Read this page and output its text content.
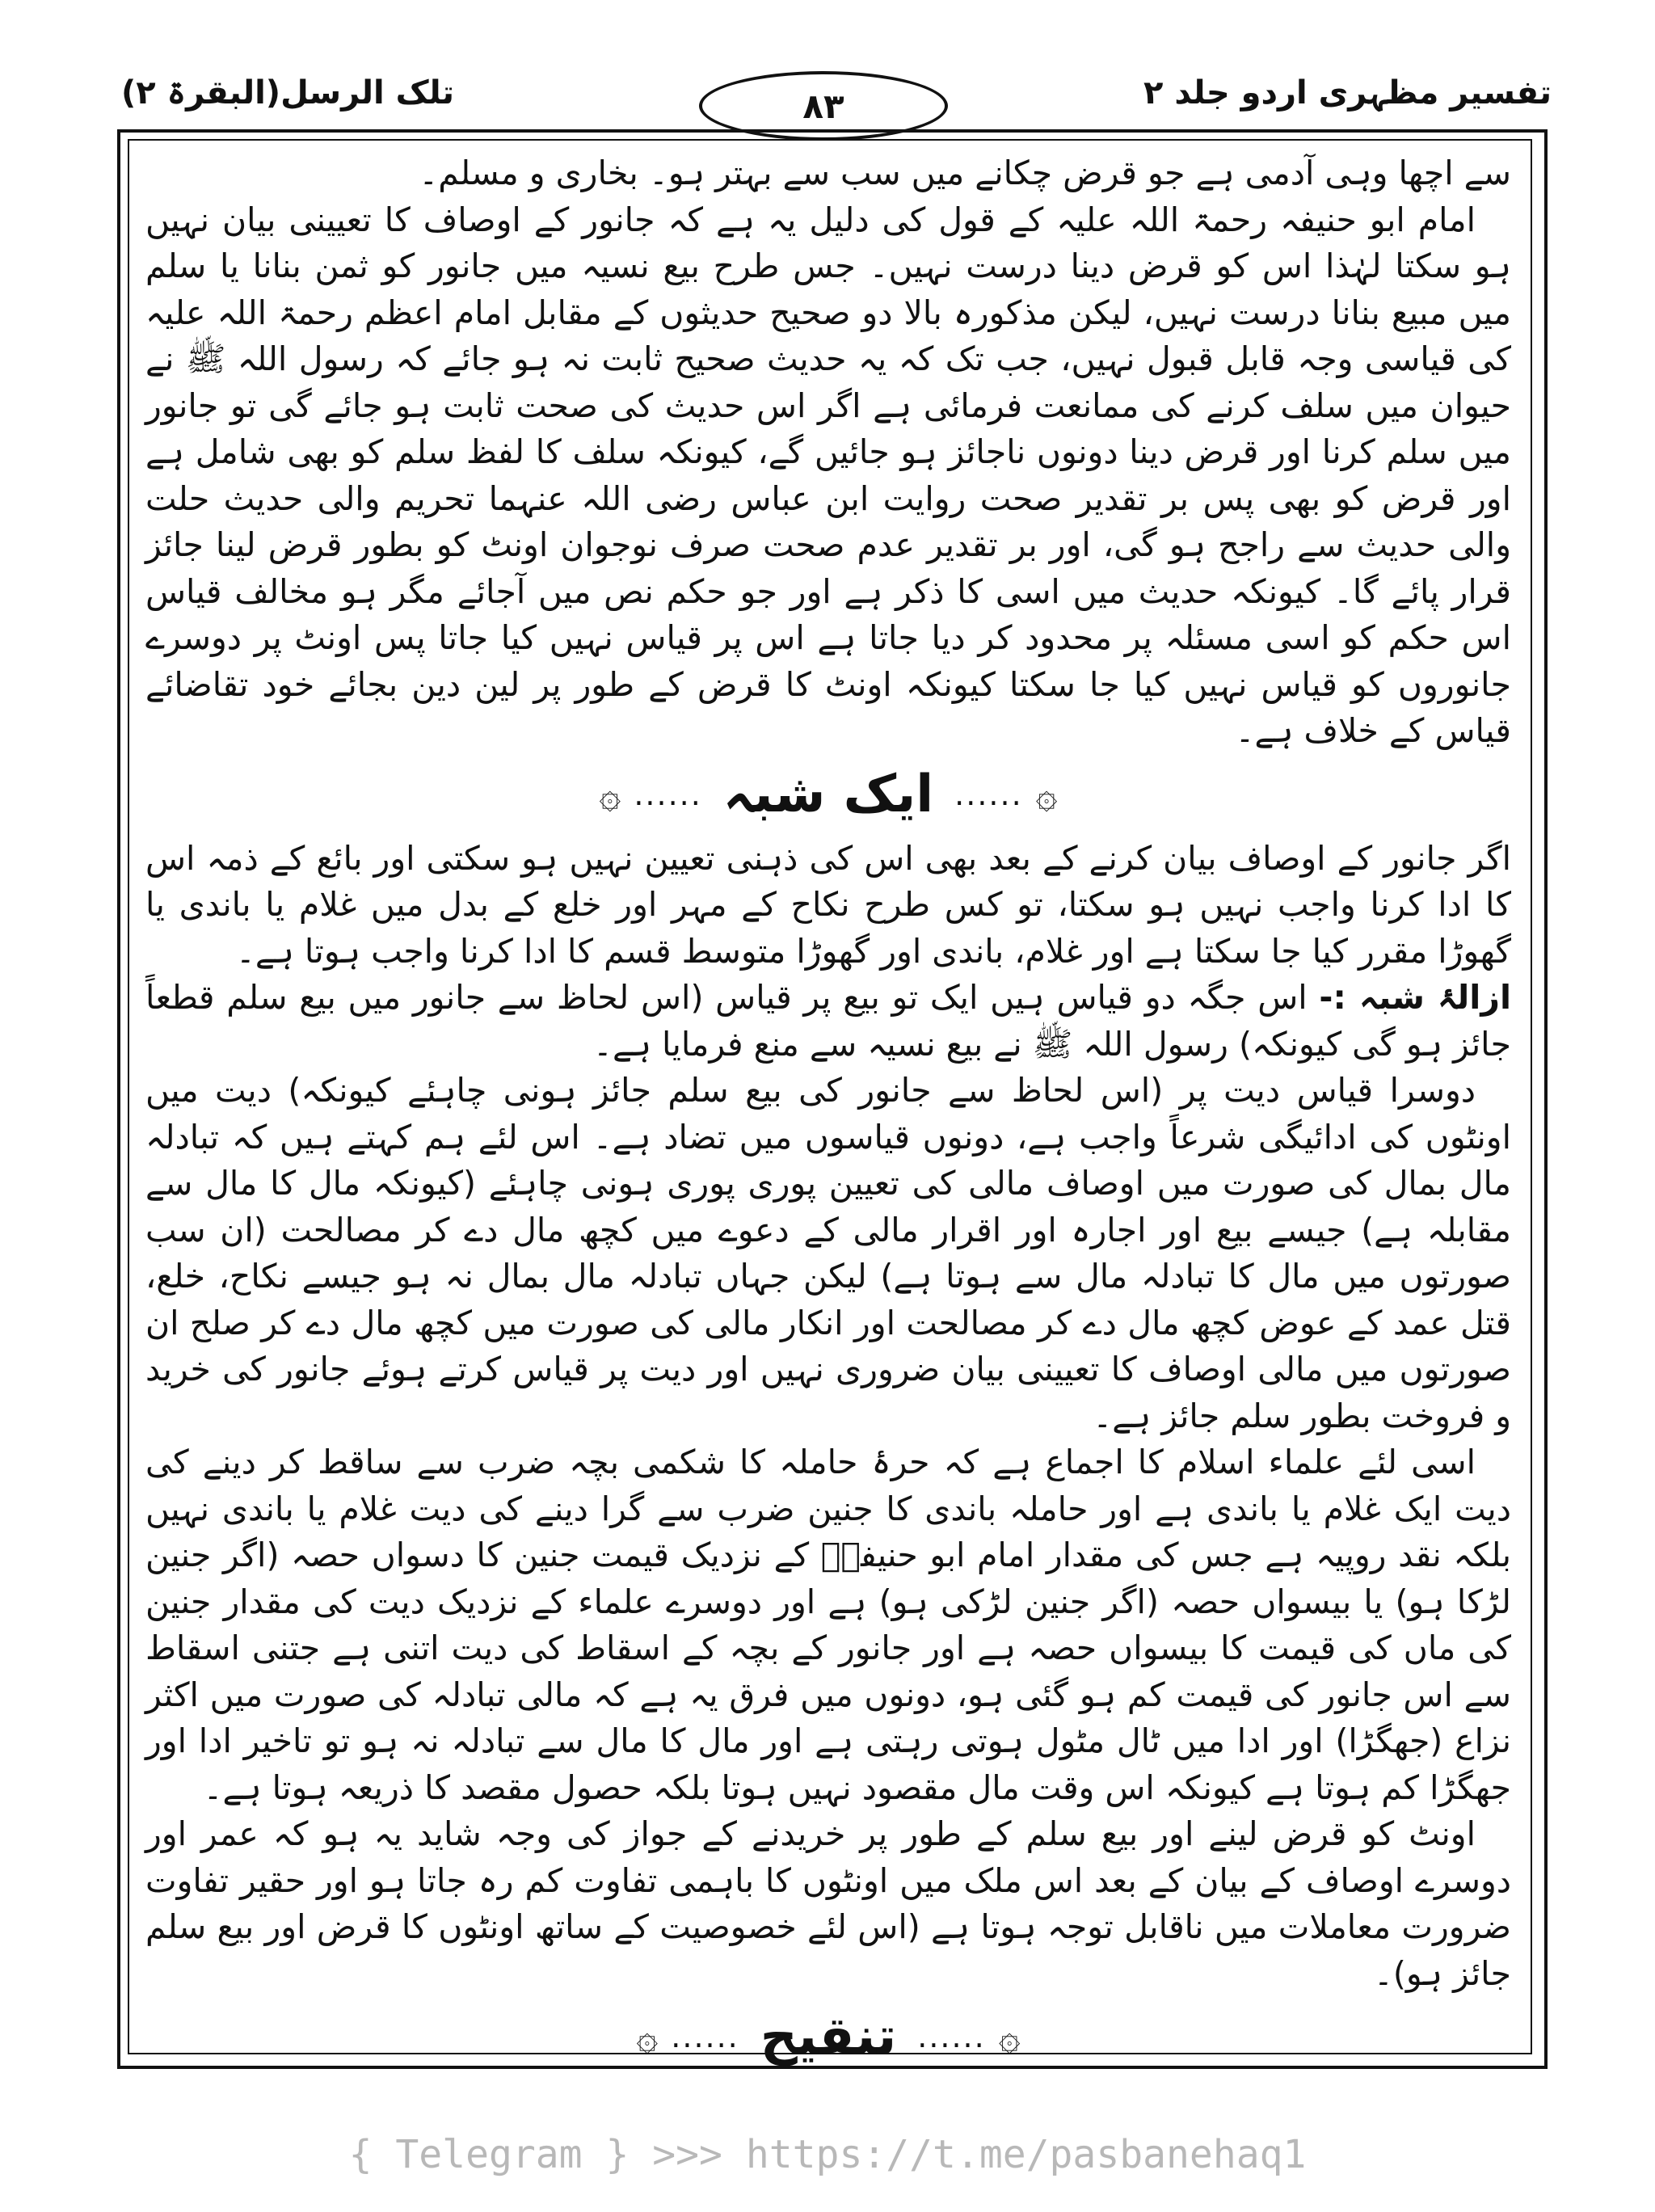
تلک الرسل(البقرۃ ۲)	۸۳	تفسیر مظہری اردو جلد ۲

سے اچھا وہی آدمی ہے جو قرض چکانے میں سب سے بہتر ہو۔ بخاری و مسلم۔

امام ابو حنیفہ رحمۃ اللہ علیہ کے قول کی دلیل یہ ہے کہ جانور کے اوصاف کا تعیینی بیان نہیں ہو سکتا لہٰذا اس کو قرض دینا درست نہیں۔ جس طرح بیع نسیہ میں جانور کو ثمن بنانا یا سلم میں مبیع بنانا درست نہیں، لیکن مذکورہ بالا دو صحیح حدیثوں کے مقابل امام اعظم رحمۃ اللہ علیہ کی قیاسی وجہ قابل قبول نہیں، جب تک کہ یہ حدیث صحیح ثابت نہ ہو جائے کہ رسول اللہ ﷺ نے حیوان میں سلف کرنے کی ممانعت فرمائی ہے اگر اس حدیث کی صحت ثابت ہو جائے گی تو جانور میں سلم کرنا اور قرض دینا دونوں ناجائز ہو جائیں گے، کیونکہ سلف کا لفظ سلم کو بھی شامل ہے اور قرض کو بھی پس بر تقدیر صحت روایت ابن عباس رضی اللہ عنہما تحریم والی حدیث حلت والی حدیث سے راجح ہو گی، اور بر تقدیر عدم صحت صرف نوجوان اونٹ کو بطور قرض لینا جائز قرار پائے گا۔ کیونکہ حدیث میں اسی کا ذکر ہے اور جو حکم نص میں آجائے مگر ہو مخالف قیاس اس حکم کو اسی مسئلہ پر محدود کر دیا جاتا ہے اس پر قیاس نہیں کیا جاتا پس اونٹ پر دوسرے جانوروں کو قیاس نہیں کیا جا سکتا کیونکہ اونٹ کا قرض کے طور پر لین دین بجائے خود تقاضائے قیاس کے خلاف ہے۔

۞
......
ایک شبہ
......
۞

اگر جانور کے اوصاف بیان کرنے کے بعد بھی اس کی ذہنی تعیین نہیں ہو سکتی اور بائع کے ذمہ اس کا ادا کرنا واجب نہیں ہو سکتا، تو کس طرح نکاح کے مہر اور خلع کے بدل میں غلام یا باندی یا گھوڑا مقرر کیا جا سکتا ہے اور غلام، باندی اور گھوڑا متوسط قسم کا ادا کرنا واجب ہوتا ہے۔

ازالۂ شبہ :- اس جگہ دو قیاس ہیں ایک تو بیع پر قیاس (اس لحاظ سے جانور میں بیع سلم قطعاً جائز ہو گی کیونکہ) رسول اللہ ﷺ نے بیع نسیہ سے منع فرمایا ہے۔

دوسرا قیاس دیت پر (اس لحاظ سے جانور کی بیع سلم جائز ہونی چاہئے کیونکہ) دیت میں اونٹوں کی ادائیگی شرعاً واجب ہے، دونوں قیاسوں میں تضاد ہے۔ اس لئے ہم کہتے ہیں کہ تبادلہ مال بمال کی صورت میں اوصاف مالی کی تعیین پوری پوری ہونی چاہئے (کیونکہ مال کا مال سے مقابلہ ہے) جیسے بیع اور اجارہ اور اقرار مالی کے دعوے میں کچھ مال دے کر مصالحت (ان سب صورتوں میں مال کا تبادلہ مال سے ہوتا ہے) لیکن جہاں تبادلہ مال بمال نہ ہو جیسے نکاح، خلع، قتل عمد کے عوض کچھ مال دے کر مصالحت اور انکار مالی کی صورت میں کچھ مال دے کر صلح ان صورتوں میں مالی اوصاف کا تعیینی بیان ضروری نہیں اور دیت پر قیاس کرتے ہوئے جانور کی خرید و فروخت بطور سلم جائز ہے۔

اسی لئے علماء اسلام کا اجماع ہے کہ حرۂ حاملہ کا شکمی بچہ ضرب سے ساقط کر دینے کی دیت ایک غلام یا باندی ہے اور حاملہ باندی کا جنین ضرب سے گرا دینے کی دیت غلام یا باندی نہیں بلکہ نقد روپیہ ہے جس کی مقدار امام ابو حنیفہؒ کے نزدیک قیمت جنین کا دسواں حصہ (اگر جنین لڑکا ہو) یا بیسواں حصہ (اگر جنین لڑکی ہو) ہے اور دوسرے علماء کے نزدیک دیت کی مقدار جنین کی ماں کی قیمت کا بیسواں حصہ ہے اور جانور کے بچہ کے اسقاط کی دیت اتنی ہے جتنی اسقاط سے اس جانور کی قیمت کم ہو گئی ہو، دونوں میں فرق یہ ہے کہ مالی تبادلہ کی صورت میں اکثر نزاع (جھگڑا) اور ادا میں ٹال مٹول ہوتی رہتی ہے اور مال کا مال سے تبادلہ نہ ہو تو تاخیر ادا اور جھگڑا کم ہوتا ہے کیونکہ اس وقت مال مقصود نہیں ہوتا بلکہ حصول مقصد کا ذریعہ ہوتا ہے۔

اونٹ کو قرض لینے اور بیع سلم کے طور پر خریدنے کے جواز کی وجہ شاید یہ ہو کہ عمر اور دوسرے اوصاف کے بیان کے بعد اس ملک میں اونٹوں کا باہمی تفاوت کم رہ جاتا ہو اور حقیر تفاوت ضرورت معاملات میں ناقابل توجہ ہوتا ہے (اس لئے خصوصیت کے ساتھ اونٹوں کا قرض اور بیع سلم جائز ہو)۔

۞
......
تنقیح
......
۞
{ Telegram } >>> https://t.me/pasbanehaq1
